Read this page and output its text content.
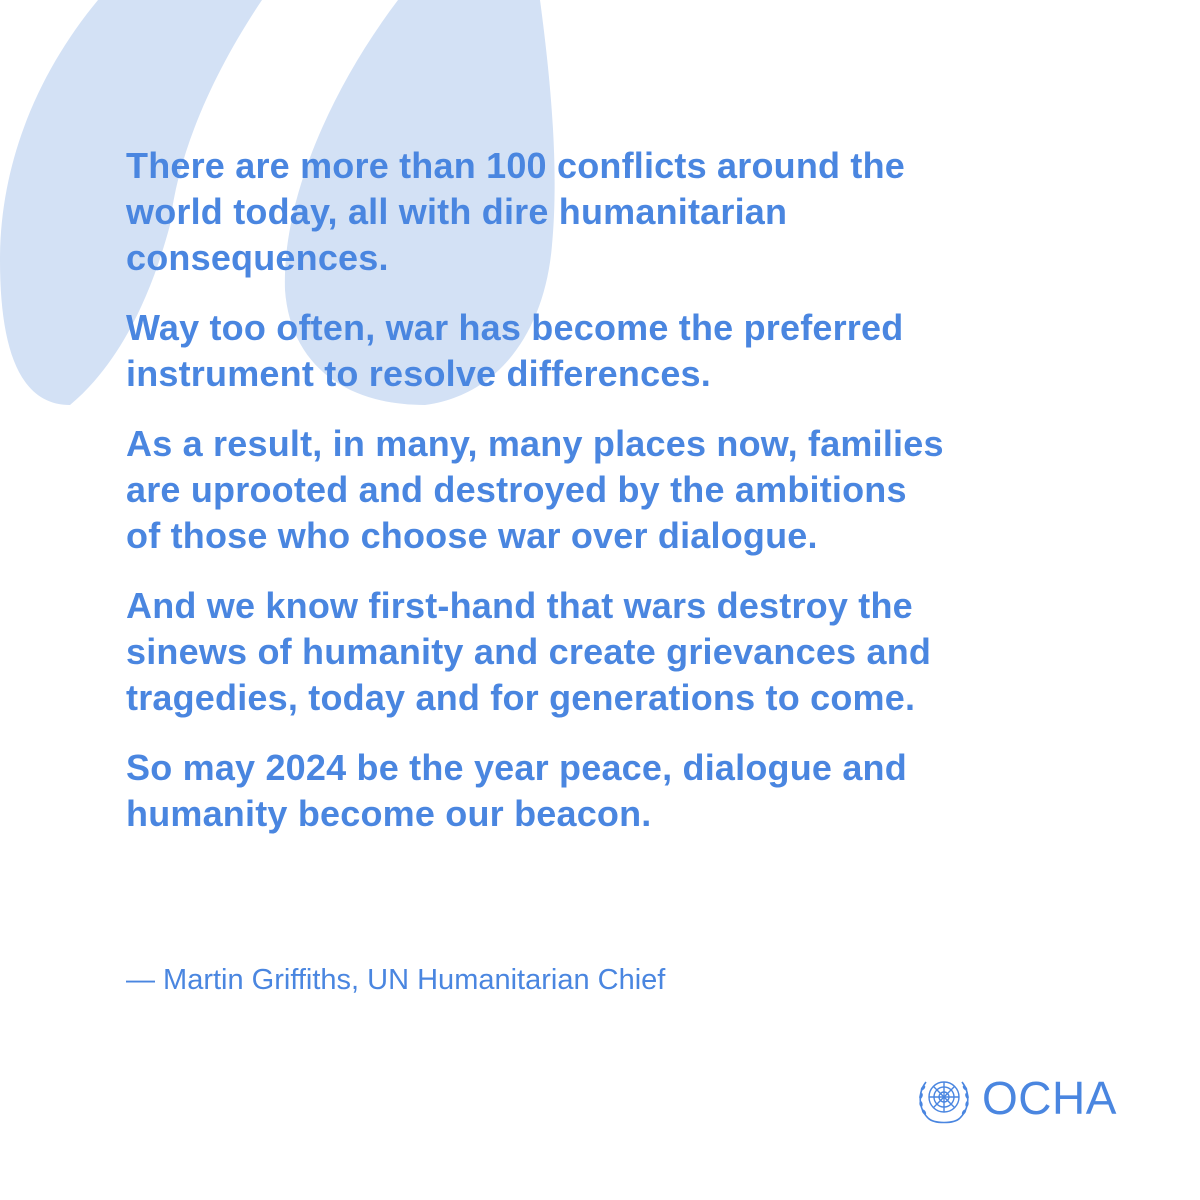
There are more than 100 conflicts around the
world today, all with dire humanitarian
consequences.

Way too often, war has become the preferred
instrument to resolve differences.

As a result, in many, many places now, families
are uprooted and destroyed by the ambitions
of those who choose war over dialogue.

And we know first-hand that wars destroy the
sinews of humanity and create grievances and
tragedies, today and for generations to come.

So may 2024 be the year peace, dialogue and
humanity become our beacon.

— Martin Griffiths, UN Humanitarian Chief
OCHA
